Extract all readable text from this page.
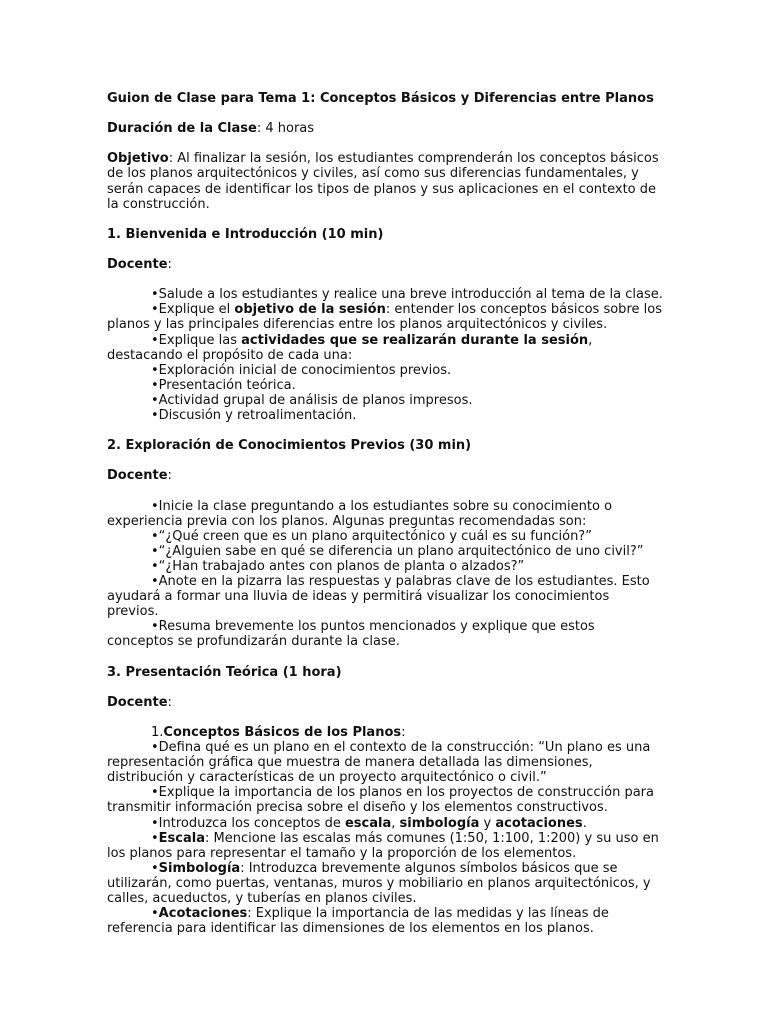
Guion de Clase para Tema 1: Conceptos Básicos y Diferencias entre Planos

Duración de la Clase: 4 horas

Objetivo: Al finalizar la sesión, los estudiantes comprenderán los conceptos básicos de los planos arquitectónicos y civiles, así como sus diferencias fundamentales, y serán capaces de identificar los tipos de planos y sus aplicaciones en el contexto de la construcción.

1. Bienvenida e Introducción (10 min)

Docente:

•Salude a los estudiantes y realice una breve introducción al tema de la clase.

•Explique el objetivo de la sesión: entender los conceptos básicos sobre los planos y las principales diferencias entre los planos arquitectónicos y civiles.

•Explique las actividades que se realizarán durante la sesión, destacando el propósito de cada una:

•Exploración inicial de conocimientos previos.

•Presentación teórica.

•Actividad grupal de análisis de planos impresos.

•Discusión y retroalimentación.

2. Exploración de Conocimientos Previos (30 min)

Docente:

•Inicie la clase preguntando a los estudiantes sobre su conocimiento o experiencia previa con los planos. Algunas preguntas recomendadas son:

•“¿Qué creen que es un plano arquitectónico y cuál es su función?”

•“¿Alguien sabe en qué se diferencia un plano arquitectónico de uno civil?”

•“¿Han trabajado antes con planos de planta o alzados?”

•Anote en la pizarra las respuestas y palabras clave de los estudiantes. Esto ayudará a formar una lluvia de ideas y permitirá visualizar los conocimientos previos.

•Resuma brevemente los puntos mencionados y explique que estos conceptos se profundizarán durante la clase.

3. Presentación Teórica (1 hora)

Docente:

1.Conceptos Básicos de los Planos:

•Defina qué es un plano en el contexto de la construcción: “Un plano es una representación gráfica que muestra de manera detallada las dimensiones, distribución y características de un proyecto arquitectónico o civil.”

•Explique la importancia de los planos en los proyectos de construcción para transmitir información precisa sobre el diseño y los elementos constructivos.

•Introduzca los conceptos de escala, simbología y acotaciones.

•Escala: Mencione las escalas más comunes (1:50, 1:100, 1:200) y su uso en los planos para representar el tamaño y la proporción de los elementos.

•Simbología: Introduzca brevemente algunos símbolos básicos que se utilizarán, como puertas, ventanas, muros y mobiliario en planos arquitectónicos, y calles, acueductos, y tuberías en planos civiles.

•Acotaciones: Explique la importancia de las medidas y las líneas de referencia para identificar las dimensiones de los elementos en los planos.
